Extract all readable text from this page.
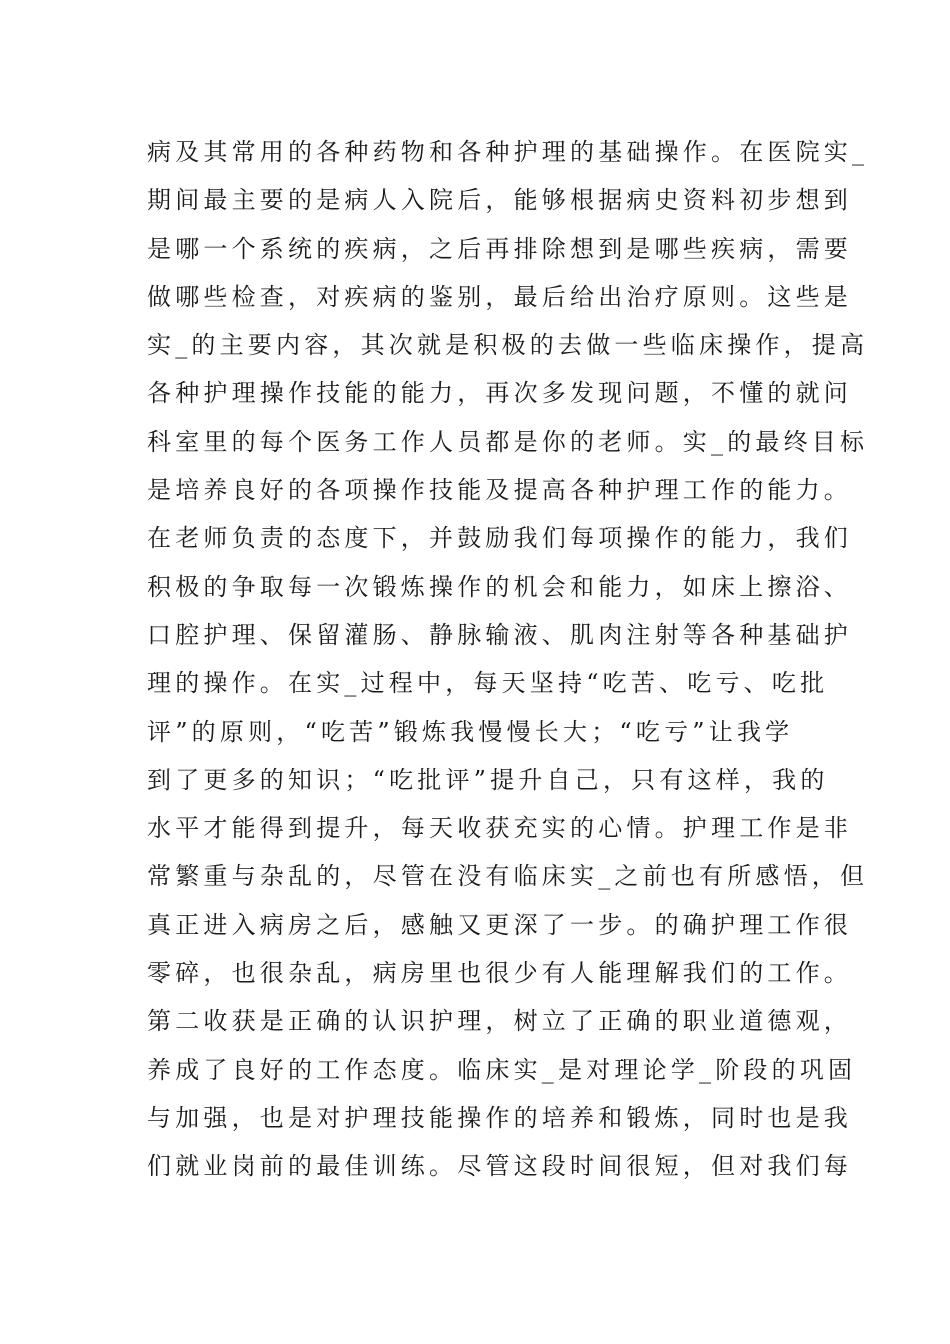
病及其常用的各种药物和各种护理的基础操作。在医院实_
期间最主要的是病人入院后，能够根据病史资料初步想到
是哪一个系统的疾病，之后再排除想到是哪些疾病，需要
做哪些检查，对疾病的鉴别，最后给出治疗原则。这些是
实_的主要内容，其次就是积极的去做一些临床操作，提高
各种护理操作技能的能力，再次多发现问题，不懂的就问
科室里的每个医务工作人员都是你的老师。实_的最终目标
是培养良好的各项操作技能及提高各种护理工作的能力。
在老师负责的态度下，并鼓励我们每项操作的能力，我们
积极的争取每一次锻炼操作的机会和能力，如床上擦浴、
口腔护理、保留灌肠、静脉输液、肌肉注射等各种基础护
理的操作。在实_过程中，每天坚持“吃苦、吃亏、吃批
评”的原则，“吃苦”锻炼我慢慢长大；“吃亏”让我学
到了更多的知识；“吃批评”提升自己，只有这样，我的
水平才能得到提升，每天收获充实的心情。护理工作是非
常繁重与杂乱的，尽管在没有临床实_之前也有所感悟，但
真正进入病房之后，感触又更深了一步。的确护理工作很
零碎，也很杂乱，病房里也很少有人能理解我们的工作。
第二收获是正确的认识护理，树立了正确的职业道德观，
养成了良好的工作态度。临床实_是对理论学_阶段的巩固
与加强，也是对护理技能操作的培养和锻炼，同时也是我
们就业岗前的最佳训练。尽管这段时间很短，但对我们每
